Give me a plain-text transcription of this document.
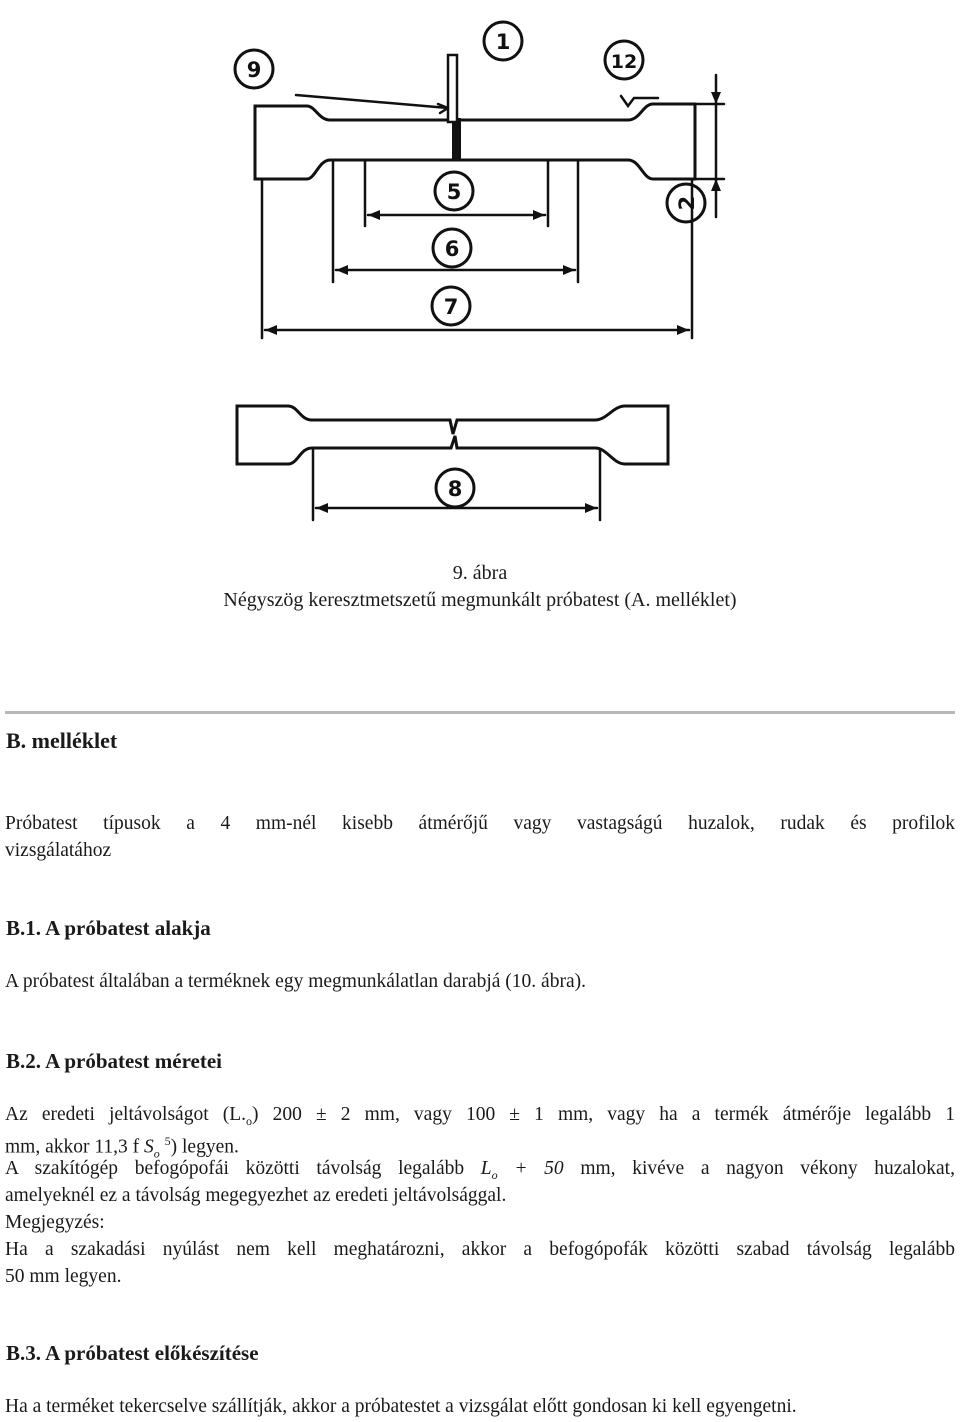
1
12
9
5	2
6
7
8
9. ábra
Négyszög keresztmetszetű megmunkált próbatest (A. melléklet)
B. melléklet
Próbatest típusok a 4 mm-nél kisebb átmérőjű vagy vastagságú huzalok, rudak és profilok
vizsgálatához
B.1. A próbatest alakja
A próbatest általában a terméknek egy megmunkálatlan darabjá (10. ábra).
B.2. A próbatest méretei
Az eredeti jeltávolságot $(L._o) 200 \pm 2$ mm, vagy 100 ± 1 mm, vagy ha a termék átmérője legalább 1
mm, akkor 11,3 f $S_o$ $^5$) legyen.
A szakítógép befogópofái közötti távolság legalább $L_o + 50$ mm, kivéve a nagyon vékony huzalokat,
amelyeknél ez a távolság megegyezhet az eredeti jeltávolsággal.
Megjegyzés:
Ha a szakadási nyúlást nem kell meghatározni, akkor a befogópofák közötti szabad távolság legalább
50 mm legyen.
B.3. A próbatest előkészítése
Ha a terméket tekercselve szállítják, akkor a próbatestet a vizsgálat előtt gondosan ki kell egyengetni.
